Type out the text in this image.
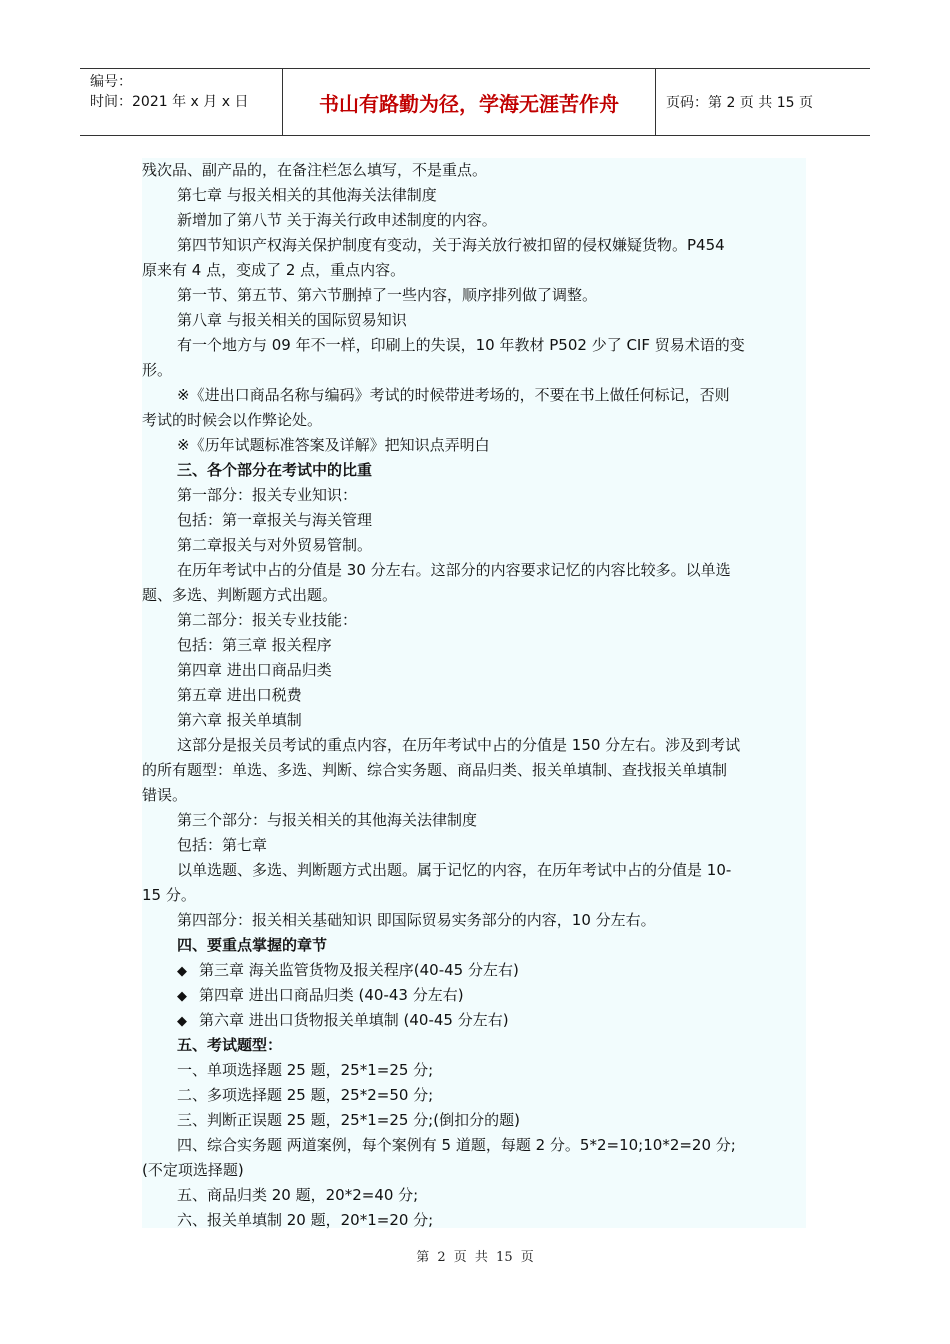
编号：
时间：2021 年 x 月 x 日	书山有路勤为径，学海无涯苦作舟	页码：第 2 页 共 15 页
残次品、副产品的，在备注栏怎么填写，不是重点。
第七章 与报关相关的其他海关法律制度
新增加了第八节 关于海关行政申述制度的内容。
第四节知识产权海关保护制度有变动，关于海关放行被扣留的侵权嫌疑货物。P454
原来有 4 点，变成了 2 点，重点内容。
第一节、第五节、第六节删掉了一些内容，顺序排列做了调整。
第八章 与报关相关的国际贸易知识
有一个地方与 09 年不一样，印刷上的失误，10 年教材 P502 少了 CIF 贸易术语的变
形。
※《进出口商品名称与编码》考试的时候带进考场的，不要在书上做任何标记，否则
考试的时候会以作弊论处。
※《历年试题标准答案及详解》把知识点弄明白
三、各个部分在考试中的比重
第一部分：报关专业知识：
包括：第一章报关与海关管理
第二章报关与对外贸易管制。
在历年考试中占的分值是 30 分左右。这部分的内容要求记忆的内容比较多。以单选
题、多选、判断题方式出题。
第二部分：报关专业技能：
包括：第三章 报关程序
第四章 进出口商品归类
第五章 进出口税费
第六章 报关单填制
这部分是报关员考试的重点内容，在历年考试中占的分值是 150 分左右。涉及到考试
的所有题型：单选、多选、判断、综合实务题、商品归类、报关单填制、查找报关单填制
错误。
第三个部分：与报关相关的其他海关法律制度
包括：第七章
以单选题、多选、判断题方式出题。属于记忆的内容，在历年考试中占的分值是 10-
15 分。
第四部分：报关相关基础知识 即国际贸易实务部分的内容，10 分左右。
四、要重点掌握的章节
◆ 第三章 海关监管货物及报关程序(40-45 分左右)
◆ 第四章 进出口商品归类 (40-43 分左右)
◆ 第六章 进出口货物报关单填制 (40-45 分左右)
五、考试题型：
一、单项选择题 25 题，25*1=25 分;
二、多项选择题 25 题，25*2=50 分;
三、判断正误题 25 题，25*1=25 分;(倒扣分的题)
四、综合实务题 两道案例，每个案例有 5 道题，每题 2 分。5*2=10;10*2=20 分;
(不定项选择题)
五、商品归类 20 题，20*2=40 分;
六、报关单填制 20 题，20*1=20 分;
第 2 页 共 15 页
